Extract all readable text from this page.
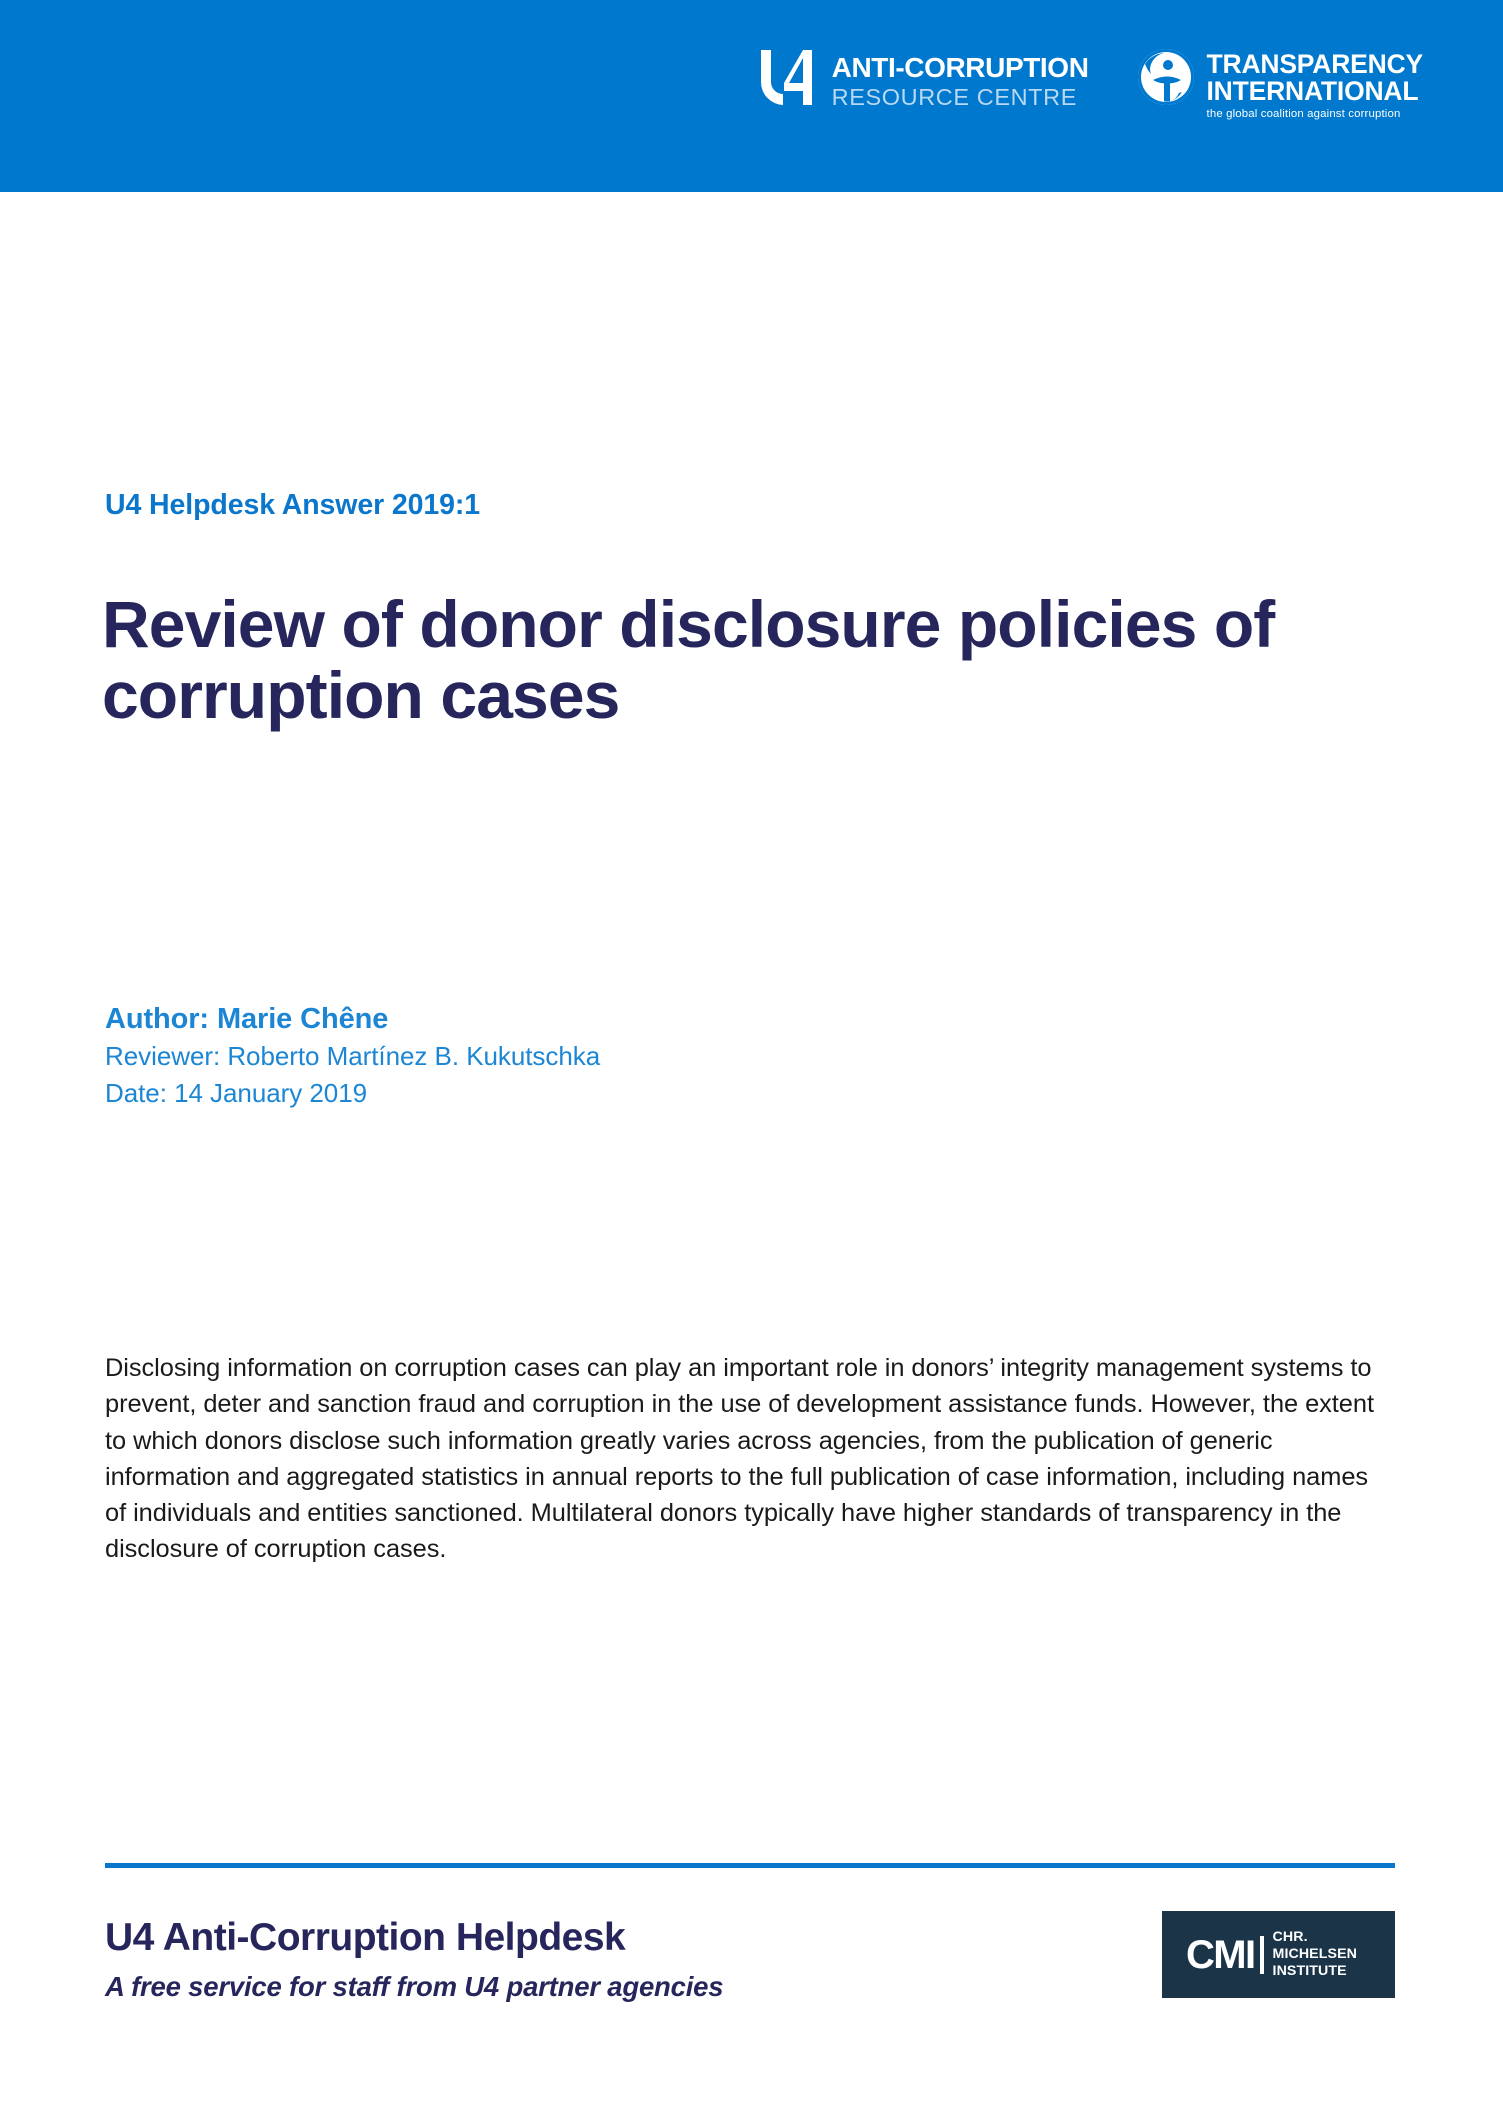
ANTI-CORRUPTION
RESOURCE CENTRE
TRANSPARENCY
INTERNATIONAL
the global coalition against corruption
U4 Helpdesk Answer 2019:1
Review of donor disclosure policies of corruption cases
Author: Marie Chêne
Reviewer: Roberto Martínez B. Kukutschka
Date: 14 January 2019

Disclosing information on corruption cases can play an important role in donors’ integrity management systems to prevent, deter and sanction fraud and corruption in the use of development assistance funds. However, the extent to which donors disclose such information greatly varies across agencies, from the publication of generic information and aggregated statistics in annual reports to the full publication of case information, including names of individuals and entities sanctioned. Multilateral donors typically have higher standards of transparency in the disclosure of corruption cases.

U4 Anti-Corruption Helpdesk
A free service for staff from U4 partner agencies
CMI CHR.
MICHELSEN
INSTITUTE
